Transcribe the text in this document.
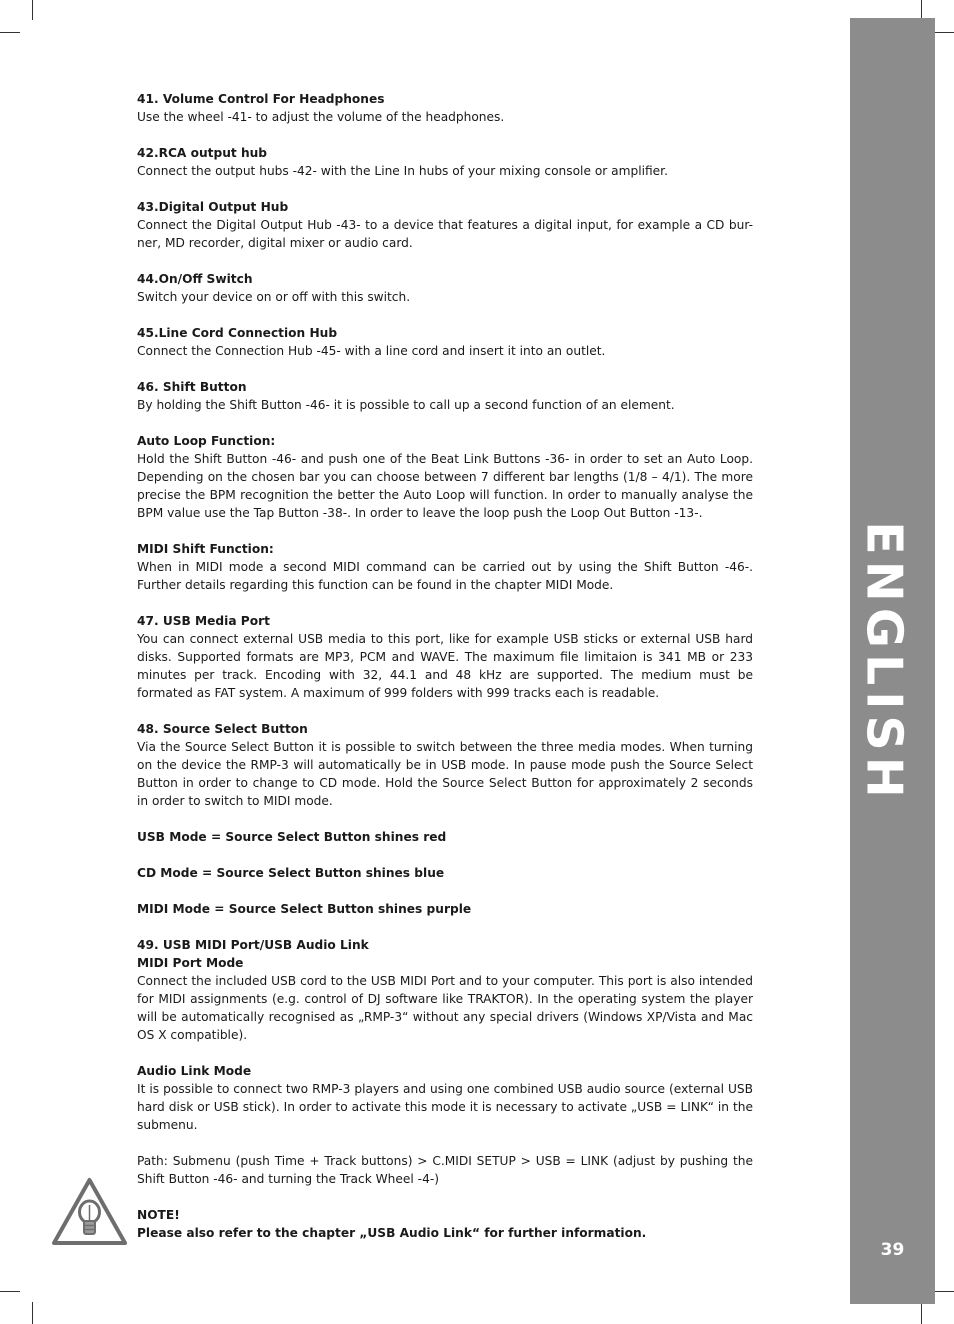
ENGLISH
39

41. Volume Control For Headphones

Use the wheel -41- to adjust the volume of the headphones.

42.RCA output hub

Connect the output hubs -42- with the Line In hubs of your mixing console or amplifier.

43.Digital Output Hub

Connect the Digital Output Hub -43- to a device that features a digital input, for example a CD bur-ner, MD recorder, digital mixer or audio card.

44.On/Off Switch

Switch your device on or off with this switch.

45.Line Cord Connection Hub

Connect the Connection Hub -45- with a line cord and insert it into an outlet.

46. Shift Button

By holding the Shift Button -46- it is possible to call up a second function of an element.

Auto Loop Function:

Hold the Shift Button -46- and push one of the Beat Link Buttons -36- in order to set an Auto Loop. Depending on the chosen bar you can choose between 7 different bar lengths (1/8 – 4/1). The more precise the BPM recognition the better the Auto Loop will function. In order to manually analyse the BPM value use the Tap Button -38-. In order to leave the loop push the Loop Out Button -13-.

MIDI Shift Function:

When in MIDI mode a second MIDI command can be carried out by using the Shift Button -46-. Further details regarding this function can be found in the chapter MIDI Mode.

47. USB Media Port

You can connect external USB media to this port, like for example USB sticks or external USB hard disks. Supported formats are MP3, PCM and WAVE. The maximum file limitaion is 341 MB or 233 minutes per track. Encoding with 32, 44.1 and 48 kHz are supported. The medium must be formated as FAT system. A maximum of 999 folders with 999 tracks each is readable.

48. Source Select Button

Via the Source Select Button it is possible to switch between the three media modes. When turning on the device the RMP-3 will automatically be in USB mode. In pause mode push the Source Select Button in order to change to CD mode. Hold the Source Select Button for approximately 2 seconds in order to switch to MIDI mode.

USB Mode = Source Select Button shines red

CD Mode = Source Select Button shines blue

MIDI Mode = Source Select Button shines purple

49. USB MIDI Port/USB Audio Link

MIDI Port Mode

Connect the included USB cord to the USB MIDI Port and to your computer. This port is also intended for MIDI assignments (e.g. control of DJ software like TRAKTOR). In the operating system the player will be automatically recognised as „RMP-3“ without any special drivers (Windows XP/Vista and Mac OS X compatible).

Audio Link Mode

It is possible to connect two RMP-3 players and using one combined USB audio source (external USB hard disk or USB stick). In order to activate this mode it is necessary to activate „USB = LINK“ in the submenu.

Path: Submenu (push Time + Track buttons) > C.MIDI SETUP > USB = LINK (adjust by pushing the Shift Button -46- and turning the Track Wheel -4-)

NOTE!

Please also refer to the chapter „USB Audio Link“ for further information.
